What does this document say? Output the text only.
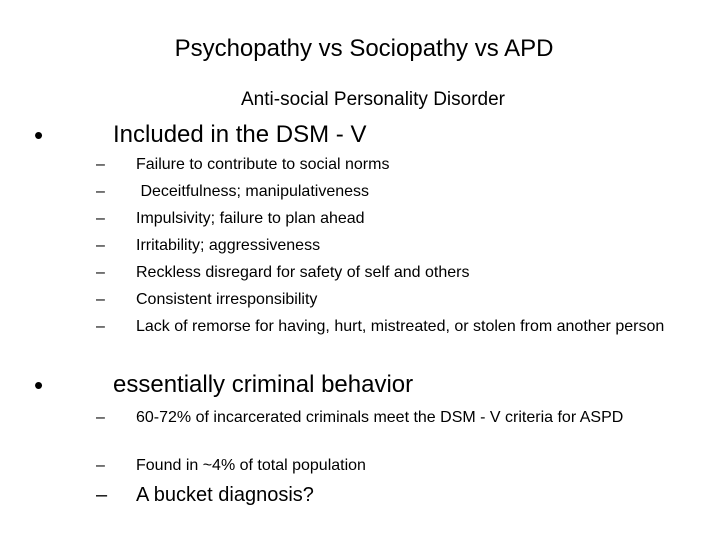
Psychopathy vs Sociopathy vs APD
Anti-social Personality Disorder
•	Included in the DSM - V
– Failure to contribute to social norms
– Deceitfulness; manipulativeness
– Impulsivity; failure to plan ahead
– Irritability; aggressiveness
– Reckless disregard for safety of self and others
– Consistent irresponsibility
– Lack of remorse for having, hurt, mistreated, or stolen from another person
•	essentially criminal behavior
– 60-72% of incarcerated criminals meet the DSM - V criteria for ASPD
– Found in ~4% of total population
– A bucket diagnosis?
